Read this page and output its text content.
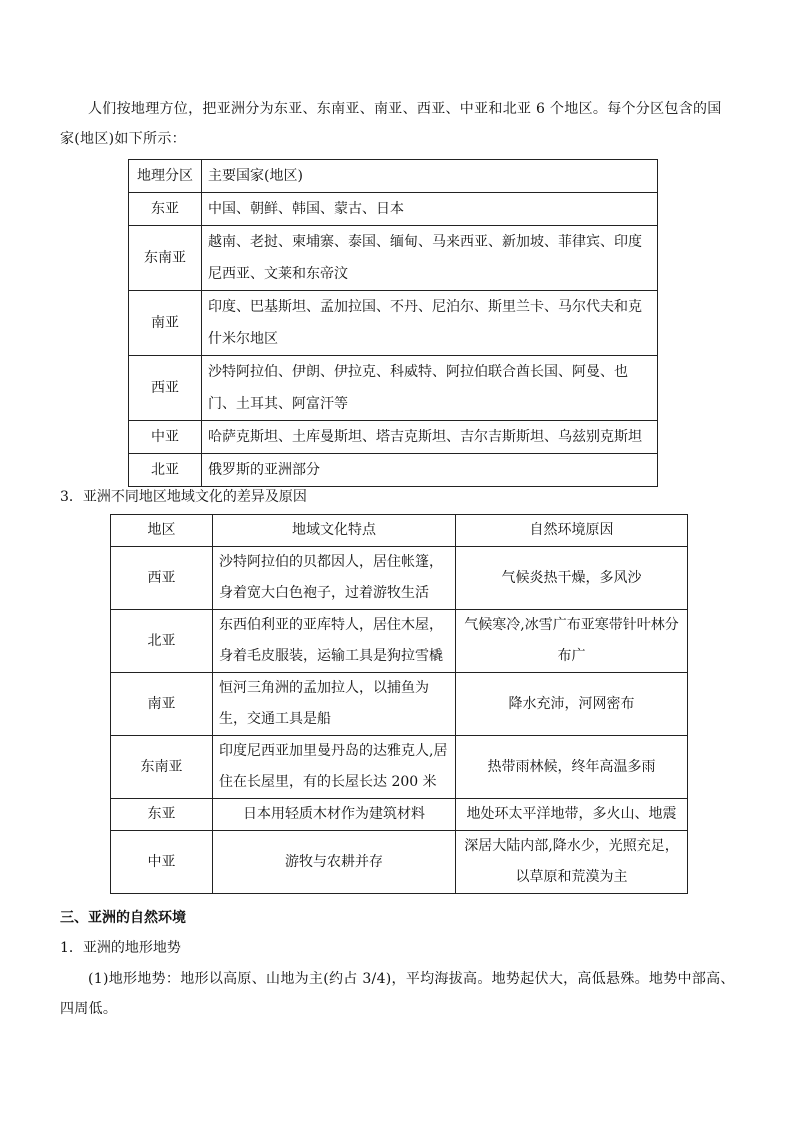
人们按地理方位，把亚洲分为东亚、东南亚、南亚、西亚、中亚和北亚 6 个地区。每个分区包含的国家(地区)如下所示：

地理分区	主要国家(地区)
东亚	中国、朝鲜、韩国、蒙古、日本
东南亚	越南、老挝、柬埔寨、泰国、缅甸、马来西亚、新加坡、菲律宾、印度尼西亚、文莱和东帝汶
南亚	印度、巴基斯坦、孟加拉国、不丹、尼泊尔、斯里兰卡、马尔代夫和克什米尔地区
西亚	沙特阿拉伯、伊朗、伊拉克、科威特、阿拉伯联合酋长国、阿曼、也门、土耳其、阿富汗等
中亚	哈萨克斯坦、土库曼斯坦、塔吉克斯坦、吉尔吉斯斯坦、乌兹别克斯坦
北亚	俄罗斯的亚洲部分

3．亚洲不同地区地域文化的差异及原因

地区	地域文化特点	自然环境原因
西亚	沙特阿拉伯的贝都因人，居住帐篷，身着宽大白色袍子，过着游牧生活	气候炎热干燥，多风沙
北亚	东西伯利亚的亚库特人，居住木屋，身着毛皮服装，运输工具是狗拉雪橇	气候寒冷,冰雪广布亚寒带针叶林分布广
南亚	恒河三角洲的孟加拉人，以捕鱼为生，交通工具是船	降水充沛，河网密布
东南亚	印度尼西亚加里曼丹岛的达雅克人,居住在长屋里，有的长屋长达 200 米	热带雨林候，终年高温多雨
东亚	日本用轻质木材作为建筑材料	地处环太平洋地带，多火山、地震
中亚	游牧与农耕并存	深居大陆内部,降水少，光照充足，以草原和荒漠为主

三、亚洲的自然环境

1．亚洲的地形地势

(1)地形地势：地形以高原、山地为主(约占 3/4)，平均海拔高。地势起伏大，高低悬殊。地势中部高、四周低。
